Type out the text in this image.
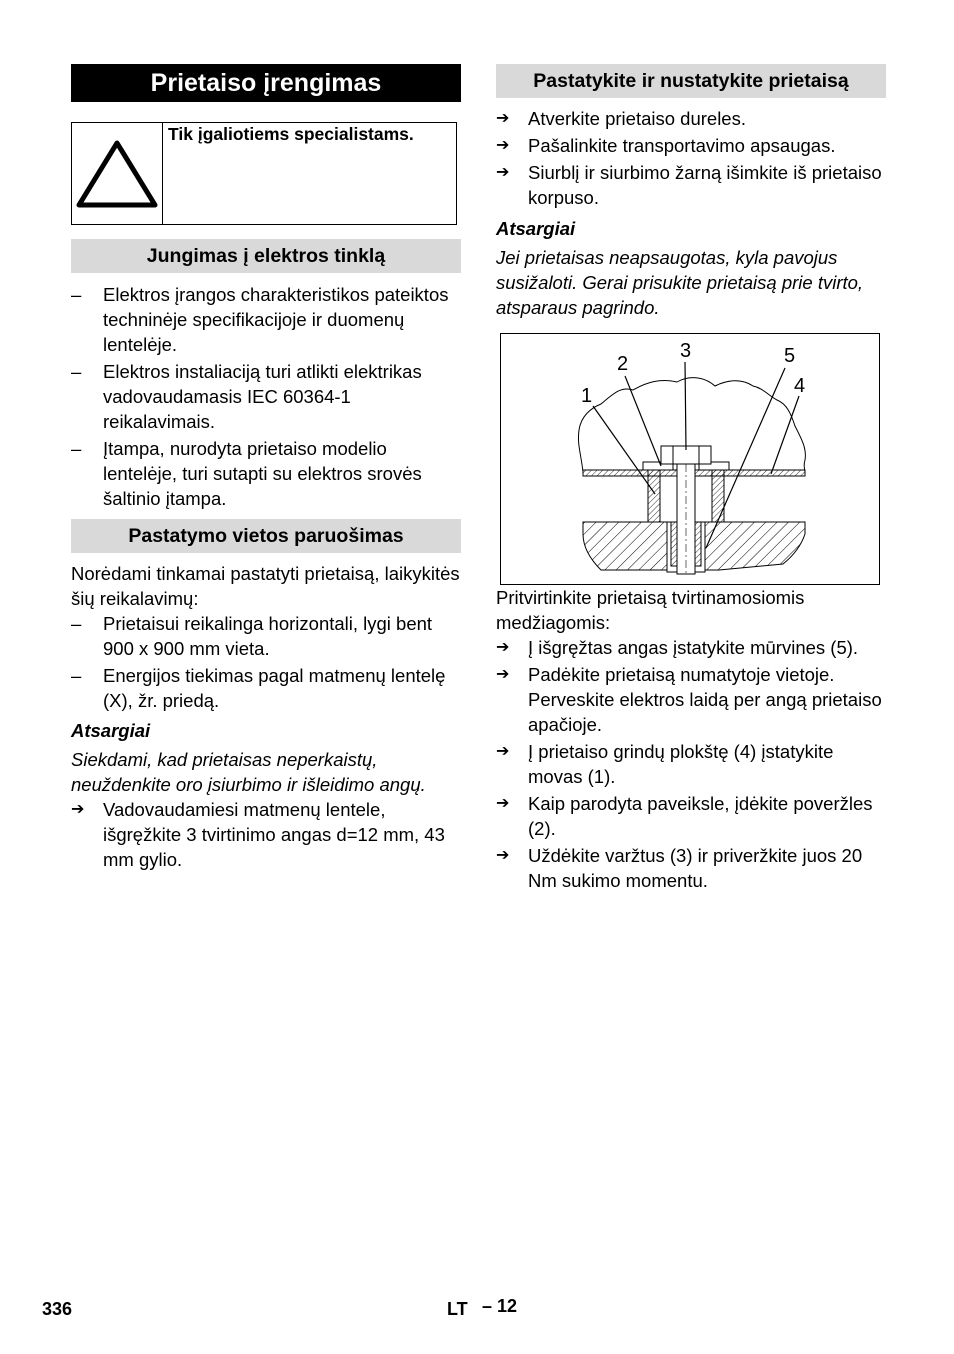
Prietaiso įrengimas
Tik įgaliotiems specialistams.
Jungimas į elektros tinklą
– Elektros įrangos charakteristikos pateiktos techninėje specifikacijoje ir duomenų lentelėje.
– Elektros instaliaciją turi atlikti elektrikas vadovaudamasis IEC 60364-1 reikalavimais.
– Įtampa, nurodyta prietaiso modelio lentelėje, turi sutapti su elektros srovės šaltinio įtampa.
Pastatymo vietos paruošimas
Norėdami tinkamai pastatyti prietaisą, laikykitės šių reikalavimų:
– Prietaisui reikalinga horizontali, lygi bent 900 x 900 mm vieta.
– Energijos tiekimas pagal matmenų lentelę (X), žr. priedą.
Atsargiai
Siekdami, kad prietaisas neperkaistų, neuždenkite oro įsiurbimo ir išleidimo angų.
➔ Vadovaudamiesi matmenų lentele, išgręžkite 3 tvirtinimo angas d=12 mm, 43 mm gylio.
Pastatykite ir nustatykite prietaisą
➔ Atverkite prietaiso dureles.
➔ Pašalinkite transportavimo apsaugas.
➔ Siurblį ir siurbimo žarną išimkite iš prietaiso korpuso.
Atsargiai
Jei prietaisas neapsaugotas, kyla pavojus susižaloti. Gerai prisukite prietaisą prie tvirto, atsparaus pagrindo.
1
2
3
4
5
Pritvirtinkite prietaisą tvirtinamosiomis medžiagomis:
➔ Į išgręžtas angas įstatykite mūrvines (5).
➔ Padėkite prietaisą numatytoje vietoje. Perveskite elektros laidą per angą prietaiso apačioje.
➔ Į prietaiso grindų plokštę (4) įstatykite movas (1).
➔ Kaip parodyta paveiksle, įdėkite poveržles (2).
➔ Uždėkite varžtus (3) ir priveržkite juos 20 Nm sukimo momentu.
336	LT – 12
